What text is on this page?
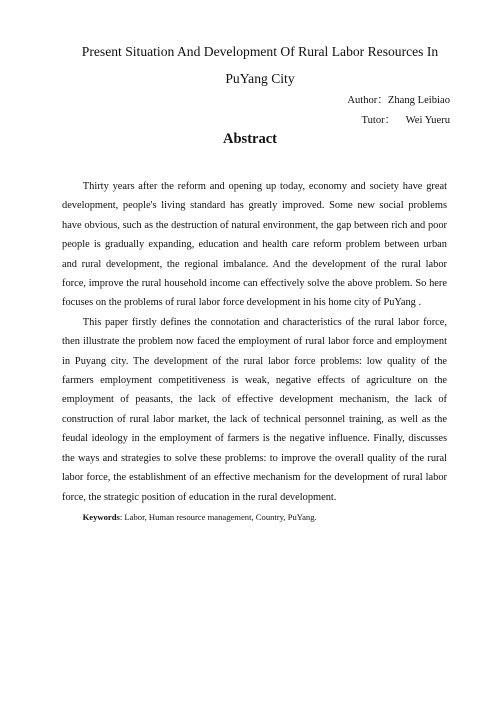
Present Situation And Development Of Rural Labor Resources In PuYang City
Author：Zhang Leibiao
Tutor：    Wei Yueru
Abstract

Thirty years after the reform and opening up today, economy and society have great development, people's living standard has greatly improved. Some new social problems have obvious, such as the destruction of natural environment, the gap between rich and poor people is gradually expanding, education and health care reform problem between urban and rural development, the regional imbalance. And the development of the rural labor force, improve the rural household income can effectively solve the above problem. So here focuses on the problems of rural labor force development in his home city of PuYang .

This paper firstly defines the connotation and characteristics of the rural labor force, then illustrate the problem now faced the employment of rural labor force and employment in Puyang city. The development of the rural labor force problems: low quality of the farmers employment competitiveness is weak, negative effects of agriculture on the employment of peasants, the lack of effective development mechanism, the lack of construction of rural labor market, the lack of technical personnel training, as well as the feudal ideology in the employment of farmers is the negative influence. Finally, discusses the ways and strategies to solve these problems: to improve the overall quality of the rural labor force, the establishment of an effective mechanism for the development of rural labor force, the strategic position of education in the rural development.

Keywords: Labor, Human resource management, Country, PuYang.
